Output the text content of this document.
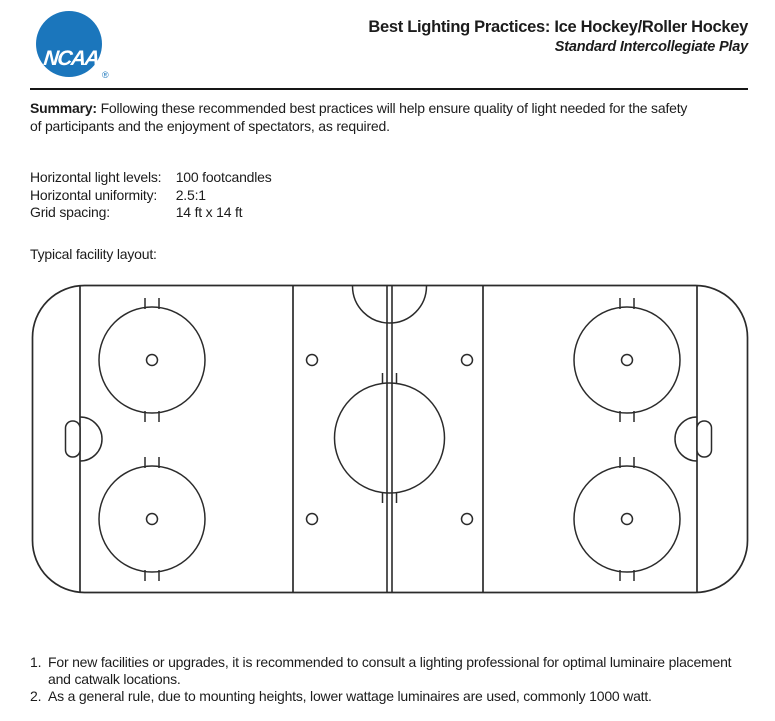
NCAA
®
Best Lighting Practices: Ice Hockey/Roller Hockey
Standard Intercollegiate Play

Summary: Following these recommended best practices will help ensure quality of light needed for the safety
of participants and the enjoyment of spectators, as required.

Horizontal light levels: 100 footcandles
Horizontal uniformity: 2.5:1
Grid spacing:	14 ft x 14 ft

Typical facility layout:

1. For new facilities or upgrades, it is recommended to consult a lighting professional for optimal luminaire placement
and catwalk locations.
2. As a general rule, due to mounting heights, lower wattage luminaires are used, commonly 1000 watt.
